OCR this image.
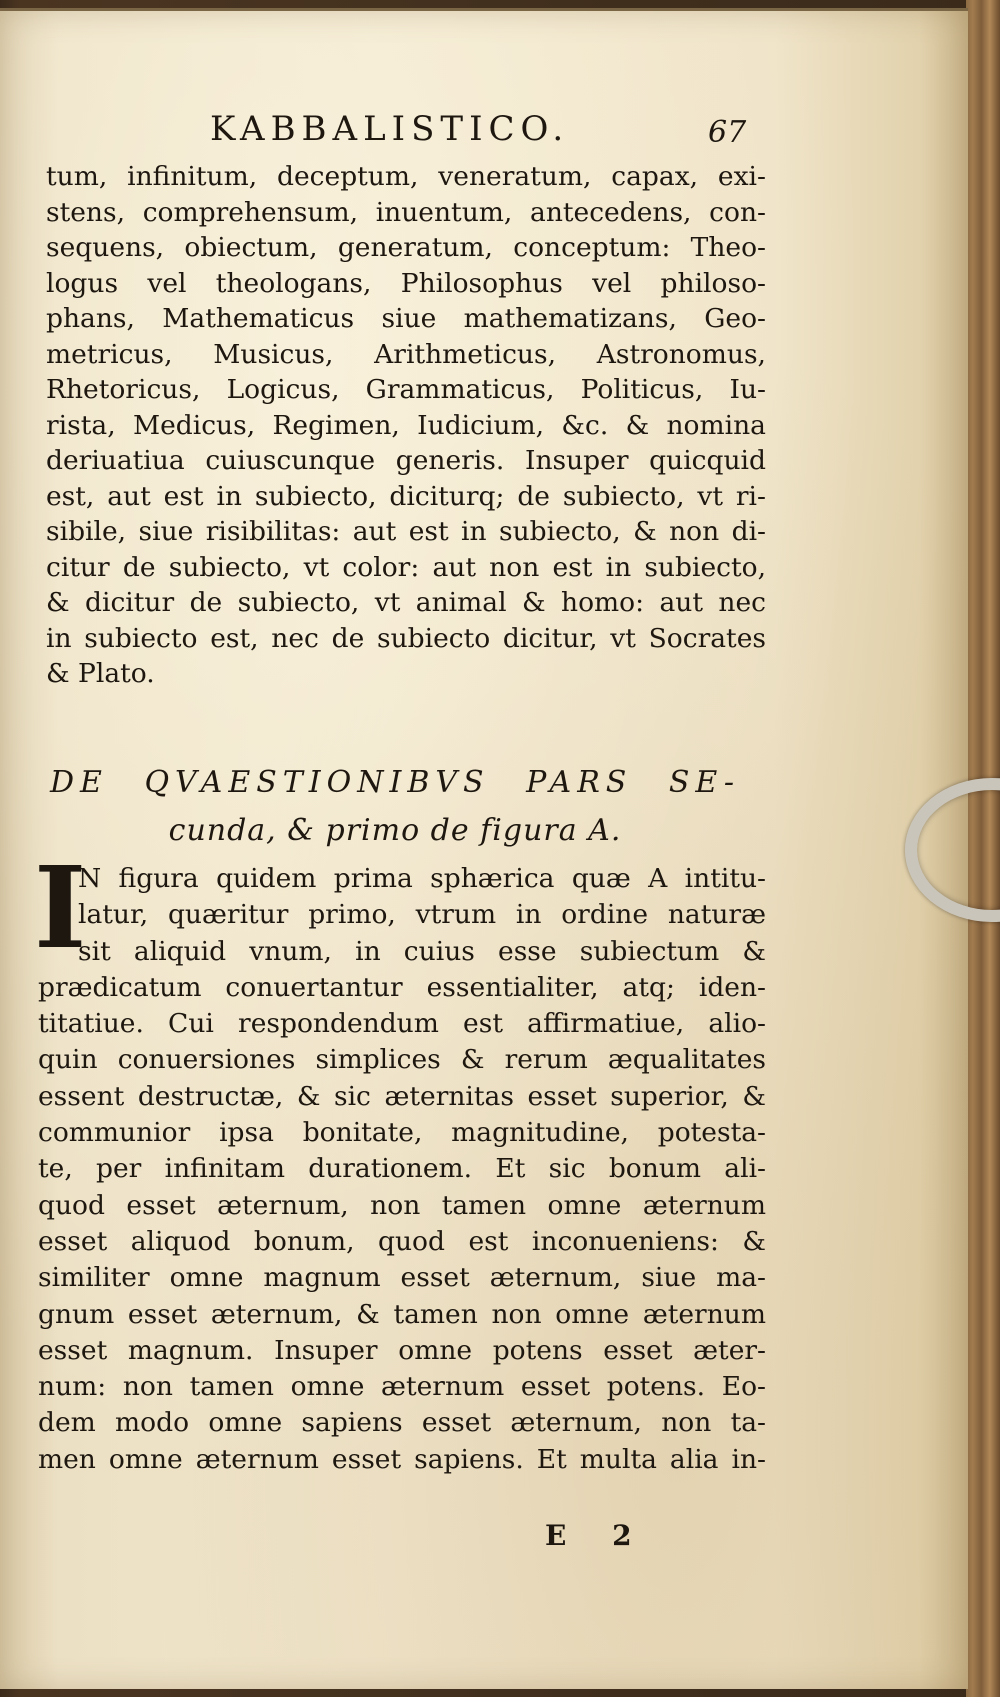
KABBALISTICO.	67
tum, infinitum, deceptum, veneratum, capax, exi-
stens, comprehensum, inuentum, antecedens, con-
sequens, obiectum, generatum, conceptum: Theo-
logus vel theologans, Philosophus vel philoso-
phans, Mathematicus siue mathematizans, Geo-
metricus, Musicus, Arithmeticus, Astronomus,
Rhetoricus, Logicus, Grammaticus, Politicus, Iu-
rista, Medicus, Regimen, Iudicium, &c. & nomina
deriuatiua cuiuscunque generis. Insuper quicquid
est, aut est in subiecto, diciturq; de subiecto, vt ri-
sibile, siue risibilitas: aut est in subiecto, & non di-
citur de subiecto, vt color: aut non est in subiecto,
& dicitur de subiecto, vt animal & homo: aut nec
in subiecto est, nec de subiecto dicitur, vt Socrates
& Plato.
DE QVAESTIONIBVS PARS SE-
cunda, & primo de figura A.
I
N figura quidem prima sphærica quæ A intitu-
latur, quæritur primo, vtrum in ordine naturæ
sit aliquid vnum, in cuius esse subiectum &
prædicatum conuertantur essentialiter, atq; iden-
titatiue. Cui respondendum est affirmatiue, alio-
quin conuersiones simplices & rerum æqualitates
essent destructæ, & sic æternitas esset superior, &
communior ipsa bonitate, magnitudine, potesta-
te, per infinitam durationem. Et sic bonum ali-
quod esset æternum, non tamen omne æternum
esset aliquod bonum, quod est inconueniens: &
similiter omne magnum esset æternum, siue ma-
gnum esset æternum, & tamen non omne æternum
esset magnum. Insuper omne potens esset æter-
num: non tamen omne æternum esset potens. Eo-
dem modo omne sapiens esset æternum, non ta-
men omne æternum esset sapiens. Et multa alia in-
E 2
